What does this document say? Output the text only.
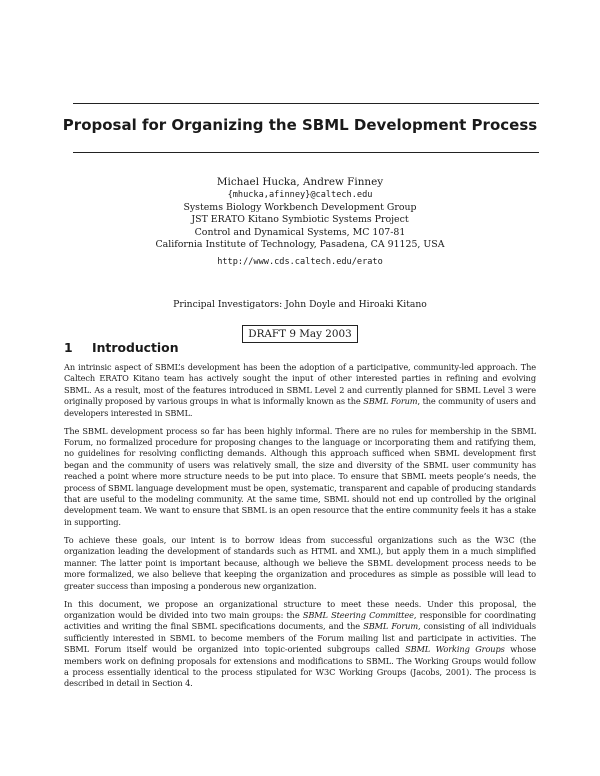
Proposal for Organizing the SBML Development Process
Michael Hucka, Andrew Finney
{mhucka,afinney}@caltech.edu
Systems Biology Workbench Development Group
JST ERATO Kitano Symbiotic Systems Project
Control and Dynamical Systems, MC 107-81
California Institute of Technology, Pasadena, CA 91125, USA
http://www.cds.caltech.edu/erato
Principal Investigators: John Doyle and Hiroaki Kitano
DRAFT 9 May 2003
1 Introduction

An intrinsic aspect of SBML’s development has been the adoption of a participative, community-led approach. The Caltech ERATO Kitano team has actively sought the input of other interested parties in refining and evolving SBML. As a result, most of the features introduced in SBML Level 2 and currently planned for SBML Level 3 were originally proposed by various groups in what is informally known as the SBML Forum, the community of users and developers interested in SBML.

The SBML development process so far has been highly informal. There are no rules for membership in the SBML Forum, no formalized procedure for proposing changes to the language or incorporating them and ratifying them, no guidelines for resolving conflicting demands. Although this approach sufficed when SBML development first began and the community of users was relatively small, the size and diversity of the SBML user community has reached a point where more structure needs to be put into place. To ensure that SBML meets people’s needs, the process of SBML language development must be open, systematic, transparent and capable of producing standards that are useful to the modeling community. At the same time, SBML should not end up controlled by the original development team. We want to ensure that SBML is an open resource that the entire community feels it has a stake in supporting.

To achieve these goals, our intent is to borrow ideas from successful organizations such as the W3C (the organization leading the development of standards such as HTML and XML), but apply them in a much simplified manner. The latter point is important because, although we believe the SBML development process needs to be more formalized, we also believe that keeping the organization and procedures as simple as possible will lead to greater success than imposing a ponderous new organization.

In this document, we propose an organizational structure to meet these needs. Under this proposal, the organization would be divided into two main groups: the SBML Steering Committee, responsible for coordinating activities and writing the final SBML specifications documents, and the SBML Forum, consisting of all individuals sufficiently interested in SBML to become members of the Forum mailing list and participate in activities. The SBML Forum itself would be organized into topic-oriented subgroups called SBML Working Groups whose members work on defining proposals for extensions and modifications to SBML. The Working Groups would follow a process essentially identical to the process stipulated for W3C Working Groups (Jacobs, 2001). The process is described in detail in Section 4.
